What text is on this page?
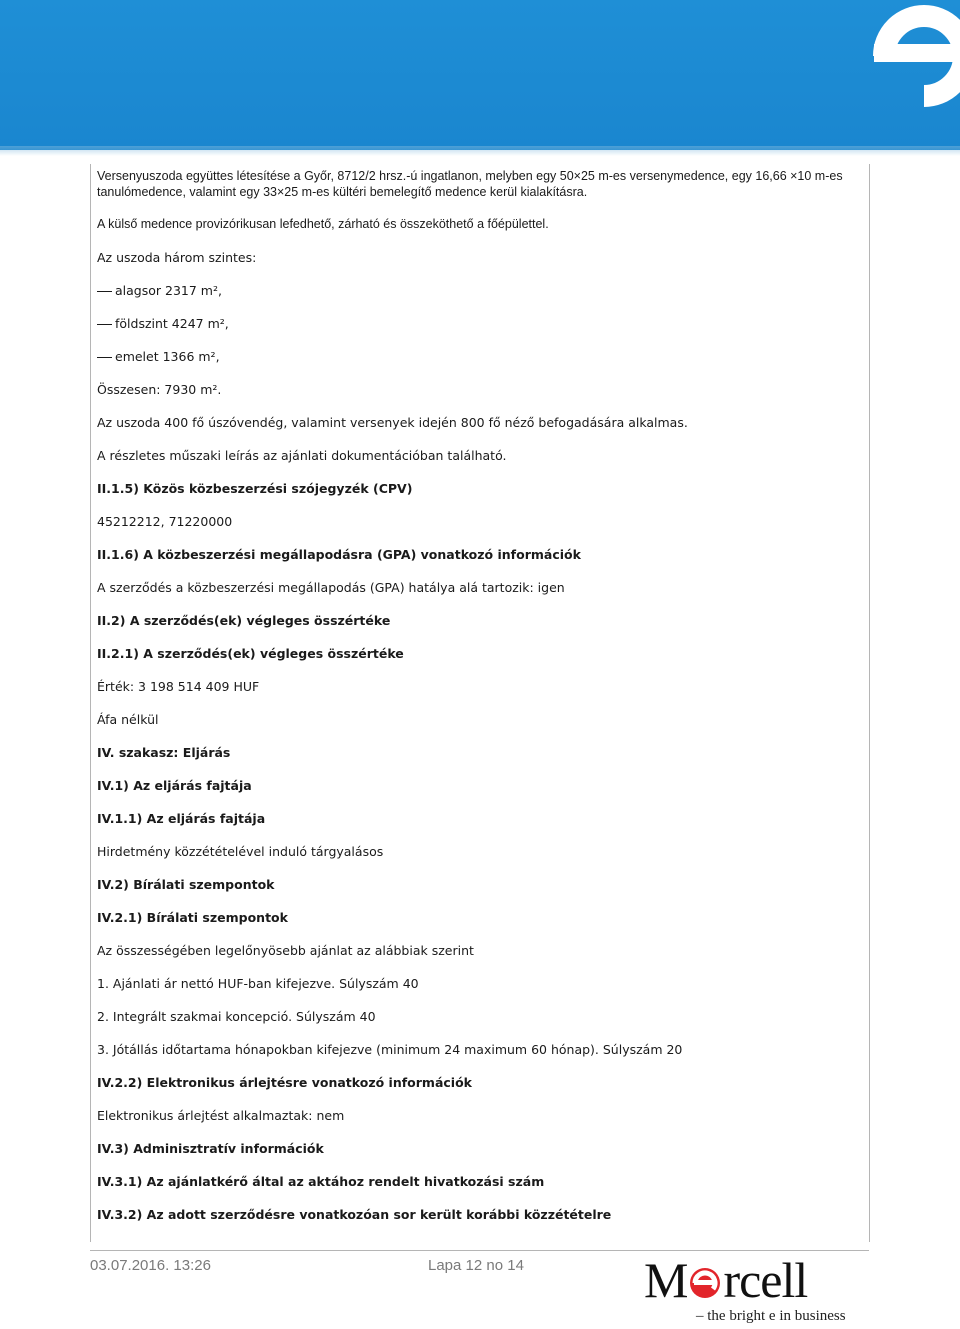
Versenyuszoda együttes létesítése a Győr, 8712/2 hrsz.-ú ingatlanon, melyben egy 50×25 m-es versenymedence, egy 16,66 ×10 m-es tanulómedence, valamint egy 33×25 m-es kültéri bemelegítő medence kerül kialakításra.

A külső medence provizórikusan lefedhető, zárható és összeköthető a főépülettel.

Az uszoda három szintes:

alagsor 2317 m²,

földszint 4247 m²,

emelet 1366 m²,

Összesen: 7930 m².

Az uszoda 400 fő úszóvendég, valamint versenyek idején 800 fő néző befogadására alkalmas.

A részletes műszaki leírás az ajánlati dokumentációban található.

II.1.5) Közös közbeszerzési szójegyzék (CPV)

45212212, 71220000

II.1.6) A közbeszerzési megállapodásra (GPA) vonatkozó információk

A szerződés a közbeszerzési megállapodás (GPA) hatálya alá tartozik: igen

II.2) A szerződés(ek) végleges összértéke

II.2.1) A szerződés(ek) végleges összértéke

Érték: 3 198 514 409 HUF

Áfa nélkül

IV. szakasz: Eljárás

IV.1) Az eljárás fajtája

IV.1.1) Az eljárás fajtája

Hirdetmény közzétételével induló tárgyalásos

IV.2) Bírálati szempontok

IV.2.1) Bírálati szempontok

Az összességében legelőnyösebb ajánlat az alábbiak szerint

1. Ajánlati ár nettó HUF-ban kifejezve. Súlyszám 40

2. Integrált szakmai koncepció. Súlyszám 40

3. Jótállás időtartama hónapokban kifejezve (minimum 24 maximum 60 hónap). Súlyszám 20

IV.2.2) Elektronikus árlejtésre vonatkozó információk

Elektronikus árlejtést alkalmaztak: nem

IV.3) Adminisztratív információk

IV.3.1) Az ajánlatkérő által az aktához rendelt hivatkozási szám

IV.3.2) Az adott szerződésre vonatkozóan sor került korábbi közzétételre

03.07.2016. 13:26	Lapa 12 no 14 M rcell
– the bright e in business
